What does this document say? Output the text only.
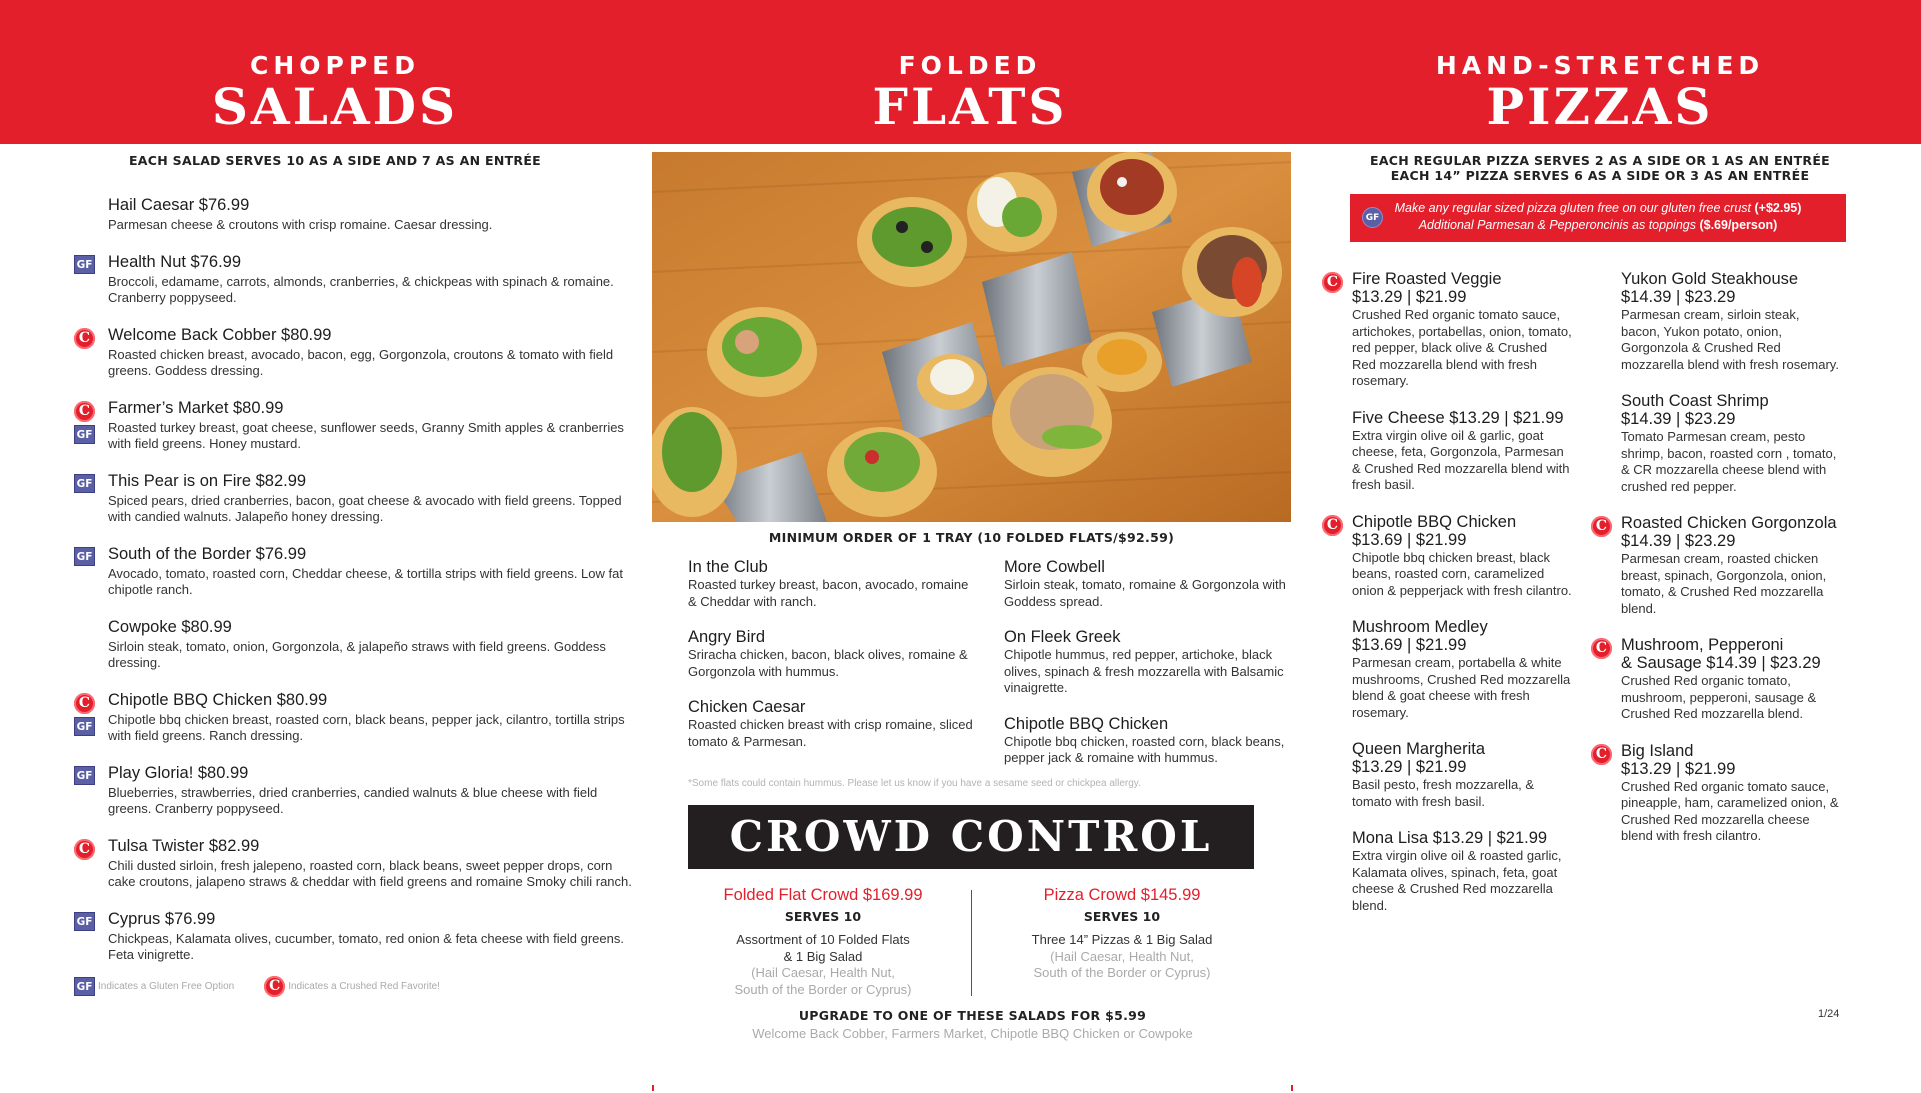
CHOPPED
SALADS
FOLDED
FLATS
HAND-STRETCHED
PIZZAS
EACH SALAD SERVES 10 AS A SIDE AND 7 AS AN ENTRÉE
Hail Caesar $76.99
Parmesan cheese & croutons with crisp romaine. Caesar dressing.
GF Health Nut $76.99
Broccoli, edamame, carrots, almonds, cranberries, & chickpeas with spinach & romaine. Cranberry poppyseed.
C Welcome Back Cobber $80.99
Roasted chicken breast, avocado, bacon, egg, Gorgonzola, croutons & tomato with field greens. Goddess dressing.
C
GF
Farmer’s Market $80.99
Roasted turkey breast, goat cheese, sunflower seeds, Granny Smith apples & cranberries with field greens. Honey mustard.
GF This Pear is on Fire $82.99
Spiced pears, dried cranberries, bacon, goat cheese & avocado with field greens. Topped with candied walnuts. Jalapeño honey dressing.
GF South of the Border $76.99
Avocado, tomato, roasted corn, Cheddar cheese, & tortilla strips with field greens. Low fat chipotle ranch.
Cowpoke $80.99
Sirloin steak, tomato, onion, Gorgonzola, & jalapeño straws with field greens. Goddess dressing.
C
GF
Chipotle BBQ Chicken $80.99
Chipotle bbq chicken breast, roasted corn, black beans, pepper jack, cilantro, tortilla strips with field greens. Ranch dressing.
GF Play Gloria! $80.99
Blueberries, strawberries, dried cranberries, candied walnuts & blue cheese with field greens. Cranberry poppyseed.
C Tulsa Twister $82.99
Chili dusted sirloin, fresh jalepeno, roasted corn, black beans, sweet pepper drops, corn cake croutons, jalapeno straws & cheddar with field greens and romaine Smoky chili ranch.
GF Cyprus $76.99
Chickpeas, Kalamata olives, cucumber, tomato, red onion & feta cheese with field greens. Feta vinigrette.
GF Indicates a Gluten Free Option	C Indicates a Crushed Red Favorite!
MINIMUM ORDER OF 1 TRAY (10 FOLDED FLATS/$92.59)
In the Club
Roasted turkey breast, bacon, avocado, romaine & Cheddar with ranch.
Angry Bird
Sriracha chicken, bacon, black olives, romaine & Gorgonzola with hummus.
Chicken Caesar
Roasted chicken breast with crisp romaine, sliced tomato & Parmesan.
More Cowbell
Sirloin steak, tomato, romaine & Gorgonzola with Goddess spread.
On Fleek Greek
Chipotle hummus, red pepper, artichoke, black olives, spinach & fresh mozzarella with Balsamic vinaigrette.
Chipotle BBQ Chicken
Chipotle bbq chicken, roasted corn, black beans, pepper jack & romaine with hummus.
*Some flats could contain hummus. Please let us know if you have a sesame seed or chickpea allergy.
CROWD CONTROL
Folded Flat Crowd $169.99
SERVES 10
Assortment of 10 Folded Flats
& 1 Big Salad
(Hail Caesar, Health Nut,
South of the Border or Cyprus)
Pizza Crowd $145.99
SERVES 10
Three 14” Pizzas & 1 Big Salad
(Hail Caesar, Health Nut,
South of the Border or Cyprus)
UPGRADE TO ONE OF THESE SALADS FOR $5.99
Welcome Back Cobber, Farmers Market, Chipotle BBQ Chicken or Cowpoke
EACH REGULAR PIZZA SERVES 2 AS A SIDE OR 1 AS AN ENTRÉE
EACH 14” PIZZA SERVES 6 AS A SIDE OR 3 AS AN ENTRÉE
GF
Make any regular sized pizza gluten free on our gluten free crust (+$2.95)
Additional Parmesan & Pepperoncinis as toppings ($.69/person)
C Fire Roasted Veggie
$13.29 | $21.99
Crushed Red organic tomato sauce, artichokes, portabellas, onion, tomato, red pepper, black olive & Crushed Red mozzarella blend with fresh rosemary.
Five Cheese $13.29 | $21.99
Extra virgin olive oil & garlic, goat cheese, feta, Gorgonzola, Parmesan & Crushed Red mozzarella blend with fresh basil.
C Chipotle BBQ Chicken
$13.69 | $21.99
Chipotle bbq chicken breast, black beans, roasted corn, caramelized onion & pepperjack with fresh cilantro.
Mushroom Medley
$13.69 | $21.99
Parmesan cream, portabella & white mushrooms, Crushed Red mozzarella blend & goat cheese with fresh rosemary.
Queen Margherita
$13.29 | $21.99
Basil pesto, fresh mozzarella, & tomato with fresh basil.
Mona Lisa $13.29 | $21.99
Extra virgin olive oil & roasted garlic, Kalamata olives, spinach, feta, goat cheese & Crushed Red mozzarella blend.
Yukon Gold Steakhouse
$14.39 | $23.29
Parmesan cream, sirloin steak, bacon, Yukon potato, onion, Gorgonzola & Crushed Red mozzarella blend with fresh rosemary.
South Coast Shrimp
$14.39 | $23.29
Tomato Parmesan cream, pesto shrimp, bacon, roasted corn , tomato, & CR mozzarella cheese blend with crushed red pepper.
C Roasted Chicken Gorgonzola
$14.39 | $23.29
Parmesan cream, roasted chicken breast, spinach, Gorgonzola, onion, tomato, & Crushed Red mozzarella blend.
C Mushroom, Pepperoni
& Sausage $14.39 | $23.29
Crushed Red organic tomato, mushroom, pepperoni, sausage & Crushed Red mozzarella blend.
C Big Island
$13.29 | $21.99
Crushed Red organic tomato sauce, pineapple, ham, caramelized onion, & Crushed Red mozzarella cheese blend with fresh cilantro.
1/24
